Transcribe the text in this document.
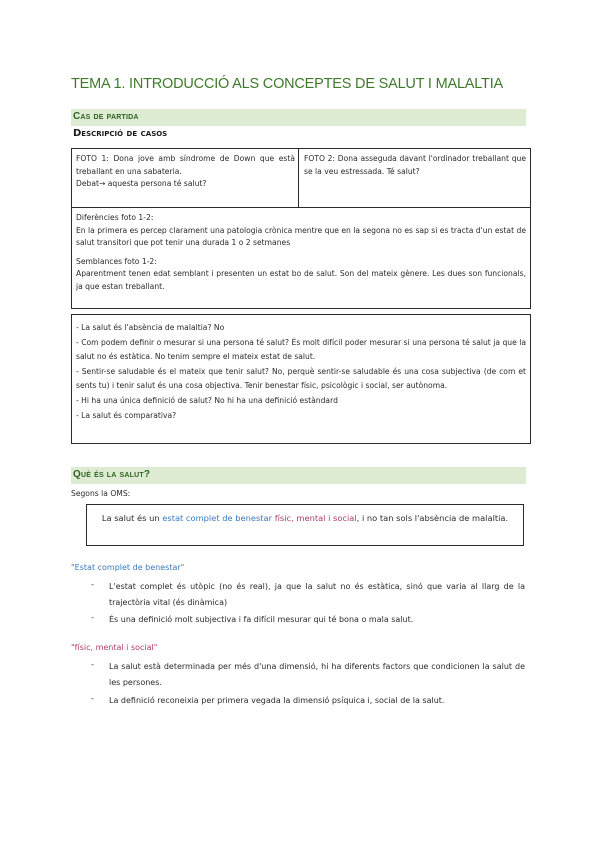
TEMA 1. INTRODUCCIÓ ALS CONCEPTES DE SALUT I MALALTIA
Cas de partida
Descripció de casos
FOTO 1: Dona jove amb síndrome de Down que està treballant en una sabateria.
Debat→ aquesta persona té salut?
FOTO 2: Dona asseguda davant l'ordinador treballant que se la veu estressada. Té salut?
Diferències foto 1-2:
En la primera es percep clarament una patologia crònica mentre que en la segona no es sap si es tracta d'un estat de salut transitori que pot tenir una durada 1 o 2 setmanes
Semblances foto 1-2:
Aparentment tenen edat semblant i presenten un estat bo de salut. Son del mateix gènere. Les dues son funcionals, ja que estan treballant.
- La salut és l'absència de malaltia? No
- Com podem definir o mesurar si una persona té salut? És molt difícil poder mesurar si una persona té salut ja que la salut no és estàtica. No tenim sempre el mateix estat de salut.
- Sentir-se saludable és el mateix que tenir salut? No, perquè sentir-se saludable és una cosa subjectiva (de com et sents tu) i tenir salut és una cosa objectiva. Tenir benestar físic, psicològic i social, ser autònoma.
- Hi ha una única definició de salut? No hi ha una definició estàndard
- La salut és comparativa?
Què és la salut?
Segons la OMS:
La salut és un estat complet de benestar físic, mental i social, i no tan sols l'absència de malaltia.
"Estat complet de benestar"
- L'estat complet és utòpic (no és real), ja que la salut no és estàtica, sinó que varia al llarg de la trajectòria vital (és dinàmica)
- És una definició molt subjectiva i fa difícil mesurar qui té bona o mala salut.
"físic, mental i social"
- La salut està determinada per més d'una dimensió, hi ha diferents factors que condicionen la salut de les persones.
- La definició reconeixia per primera vegada la dimensió psíquica i, social de la salut.
